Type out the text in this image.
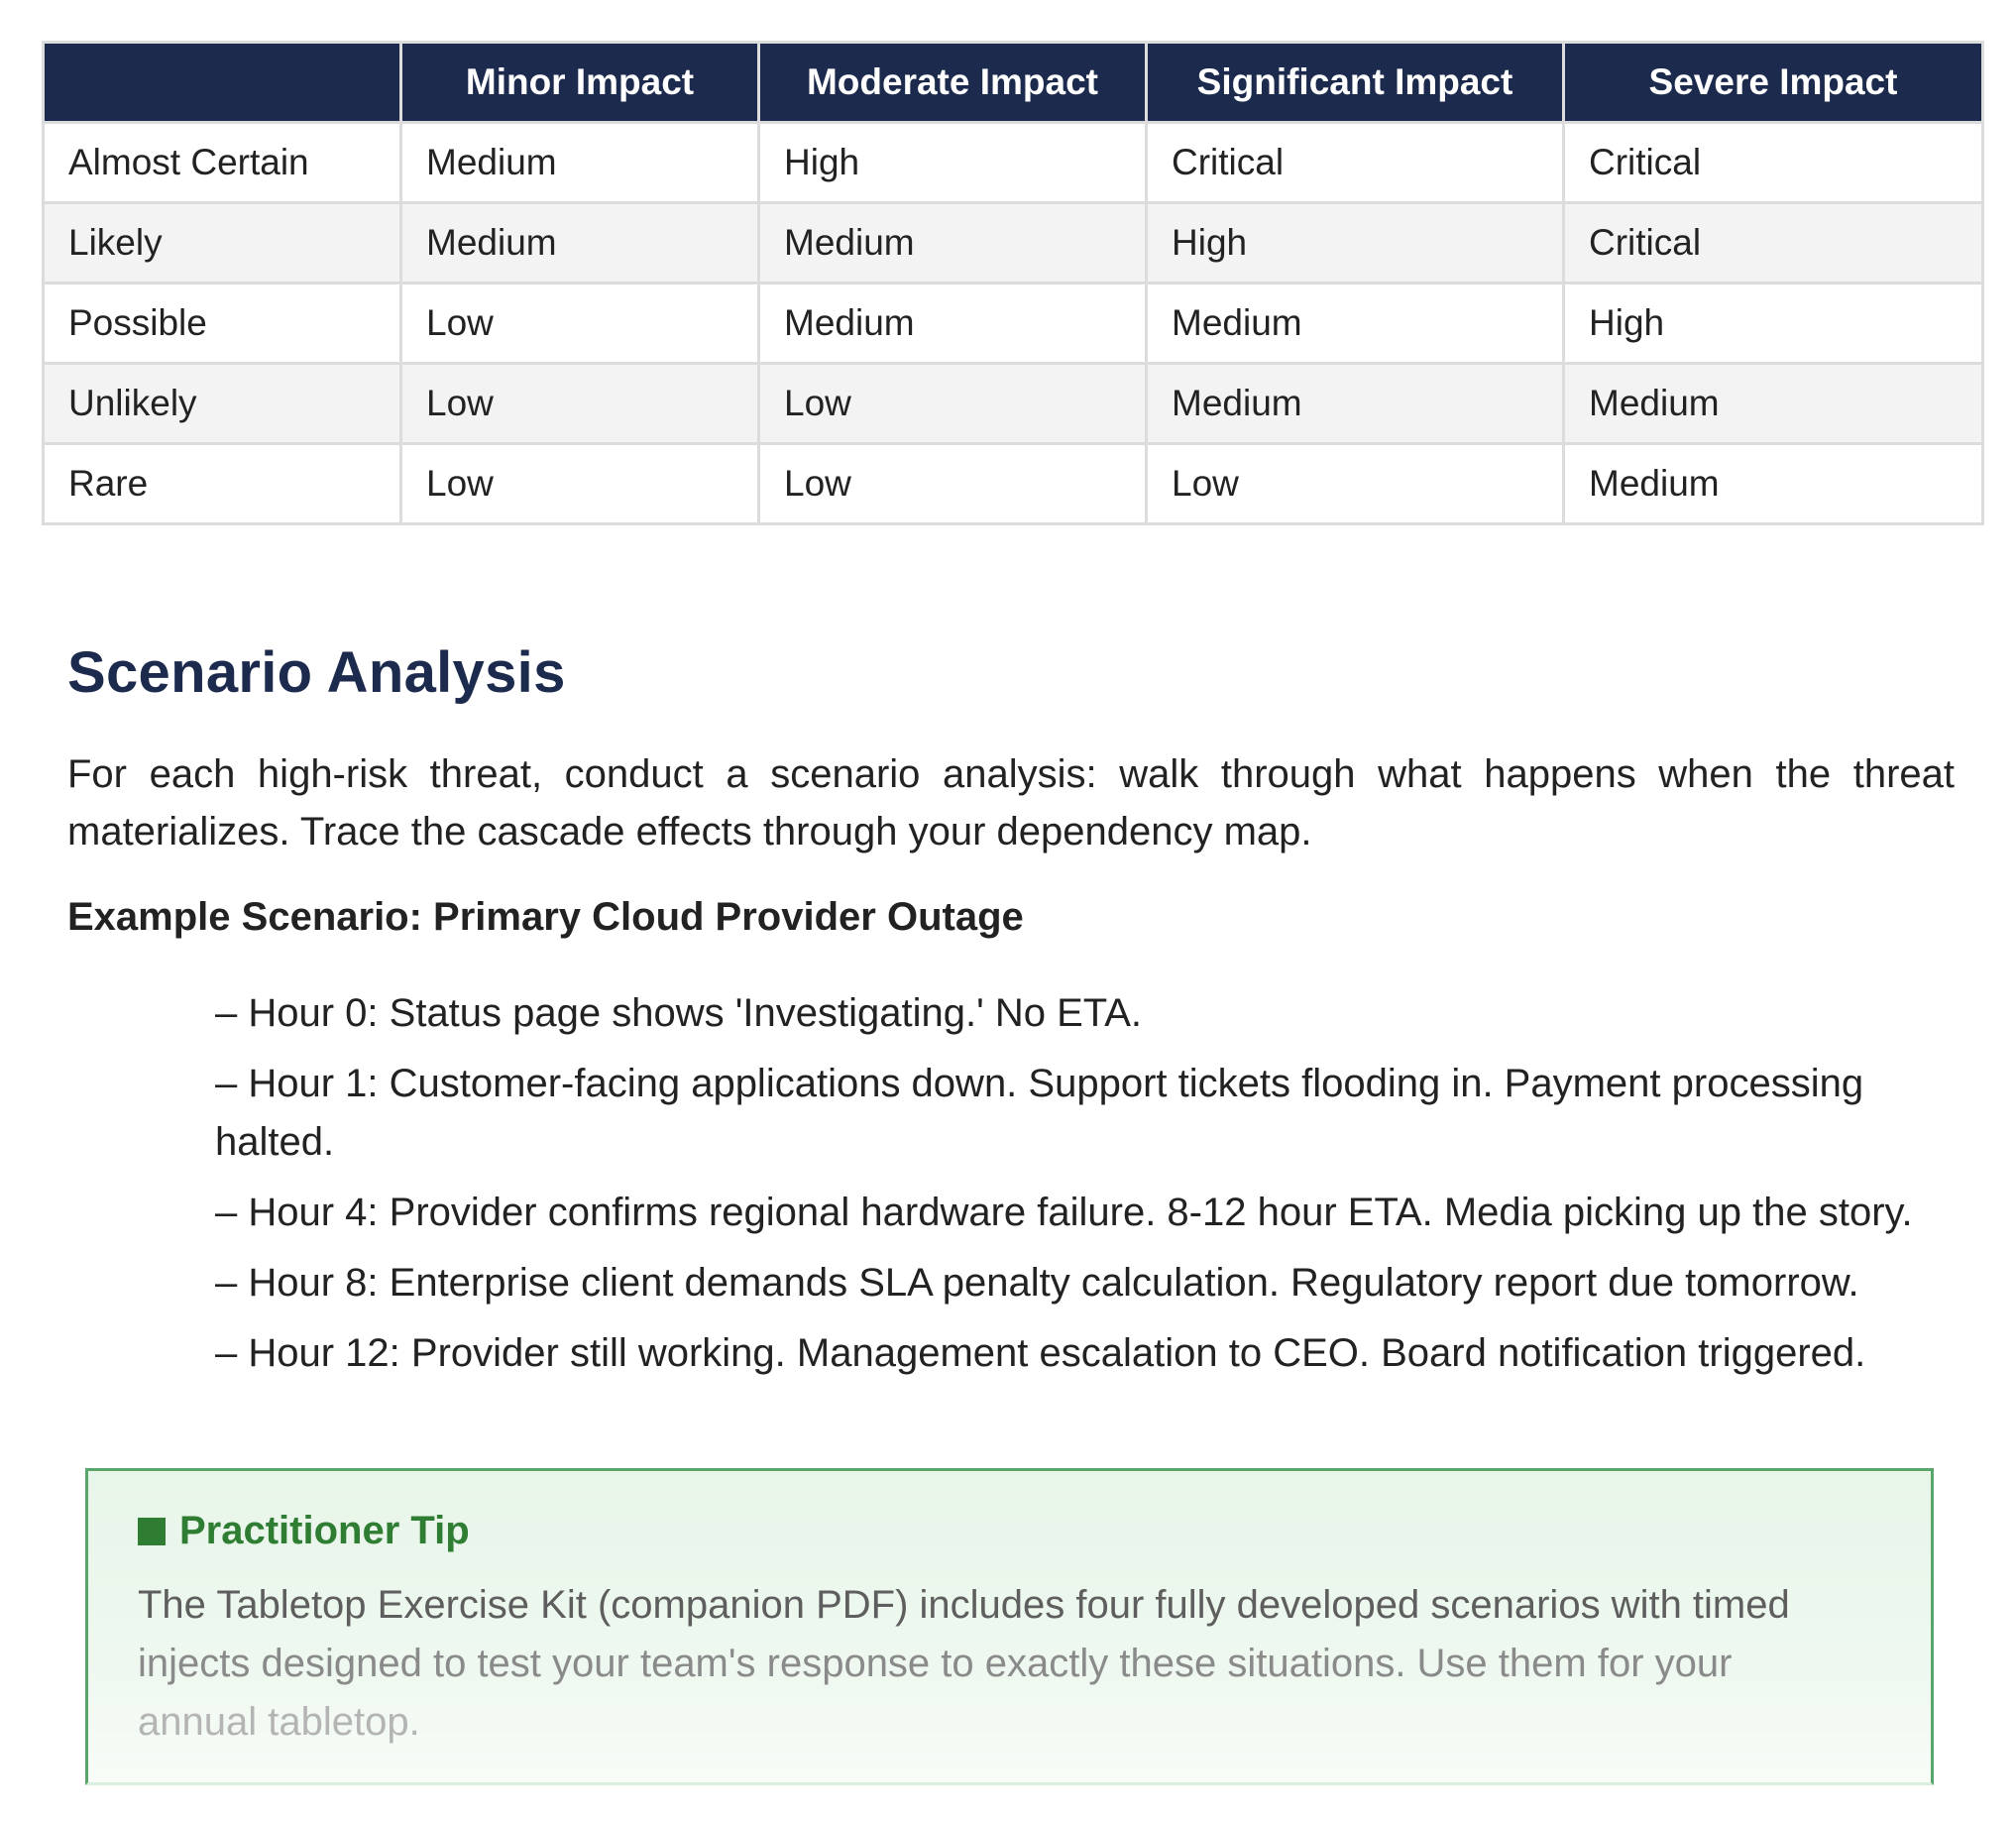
	Minor Impact	Moderate Impact	Significant Impact	Severe Impact
Almost Certain	Medium	High	Critical	Critical
Likely	Medium	Medium	High	Critical
Possible	Low	Medium	Medium	High
Unlikely	Low	Low	Medium	Medium
Rare	Low	Low	Low	Medium
Scenario Analysis

For each high-risk threat, conduct a scenario analysis: walk through what happens when the threat materializes. Trace the cascade effects through your dependency map.

Example Scenario: Primary Cloud Provider Outage

– Hour 0: Status page shows 'Investigating.' No ETA.
– Hour 1: Customer-facing applications down. Support tickets flooding in. Payment processing halted.
– Hour 4: Provider confirms regional hardware failure. 8-12 hour ETA. Media picking up the story.
– Hour 8: Enterprise client demands SLA penalty calculation. Regulatory report due tomorrow.
– Hour 12: Provider still working. Management escalation to CEO. Board notification triggered.

Practitioner Tip

The Tabletop Exercise Kit (companion PDF) includes four fully developed scenarios with timed
injects designed to test your team's response to exactly these situations. Use them for your
annual tabletop.
